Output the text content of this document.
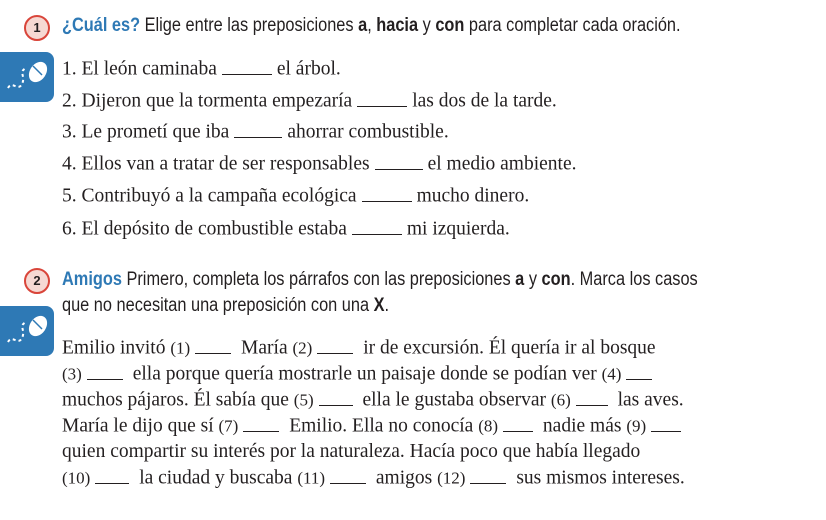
1	¿Cuál es? Elige entre las preposiciones a, hacia y con para completar cada oración.
1. El león caminaba	el árbol.
2. Dijeron que la tormenta empezaría	las dos de la tarde.
3. Le prometí que iba	ahorrar combustible.
4. Ellos van a tratar de ser responsables	el medio ambiente.
5. Contribuyó a la campaña ecológica	mucho dinero.
6. El depósito de combustible estaba	mi izquierda.
2	Amigos Primero, completa los párrafos con las preposiciones a y con. Marca los casos
que no necesitan una preposición con una X.
Emilio invitó (1) María (2) ir de excursión. Él quería ir al bosque
(3) ella porque quería mostrarle un paisaje donde se podían ver (4)
muchos pájaros. Él sabía que (5) ella le gustaba observar (6) las aves.
María le dijo que sí (7) Emilio. Ella no conocía (8) nadie más (9)
quien compartir su interés por la naturaleza. Hacía poco que había llegado
(10) la ciudad y buscaba (11) amigos (12) sus mismos intereses.
